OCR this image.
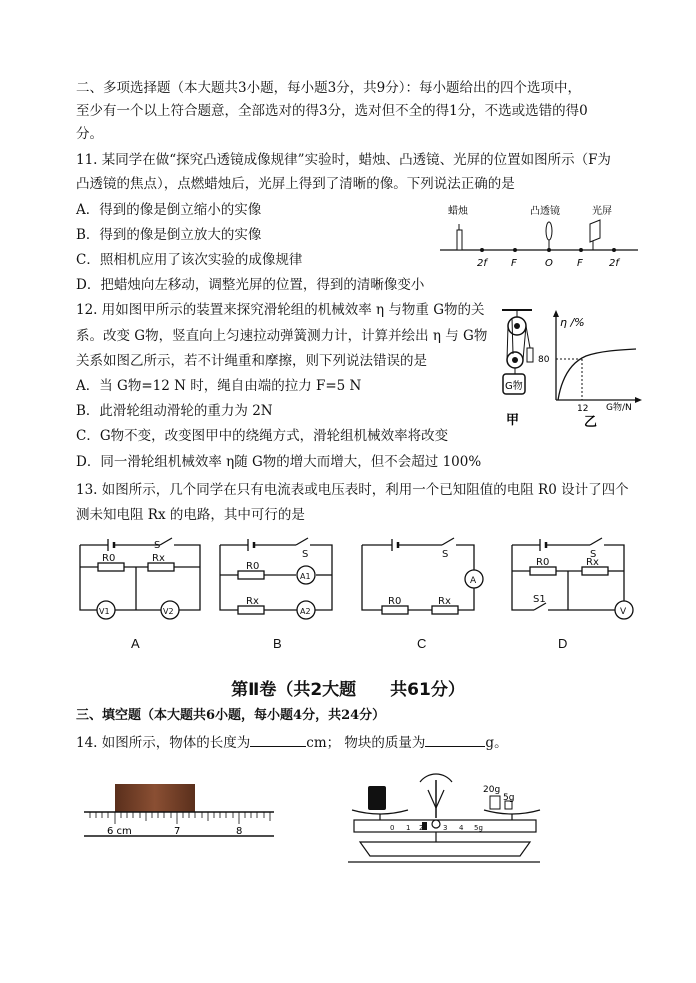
二、多项选择题（本大题共3小题，每小题3分，共9分）：每小题给出的四个选项中，
至少有一个以上符合题意，全部选对的得3分，选对但不全的得1分，不选或选错的得0
分。
11. 某同学在做“探究凸透镜成像规律”实验时，蜡烛、凸透镜、光屏的位置如图所示（F为
凸透镜的焦点），点燃蜡烛后，光屏上得到了清晰的像。下列说法正确的是
A．得到的像是倒立缩小的实像
B．得到的像是倒立放大的实像
C．照相机应用了该次实验的成像规律
D．把蜡烛向左移动，调整光屏的位置，得到的清晰像变小
蜡烛	凸透镜	光屏
2f F	O F	2f
12. 用如图甲所示的装置来探究滑轮组的机械效率 η 与物重 G物的关
系。改变 G物，竖直向上匀速拉动弹簧测力计，计算并绘出 η 与 G物
关系如图乙所示，若不计绳重和摩擦，则下列说法错误的是
A．当 G物=12 N 时，绳自由端的拉力 F=5 N
B．此滑轮组动滑轮的重力为 2N
C．G物不变，改变图甲中的绕绳方式，滑轮组机械效率将改变
D．同一滑轮组机械效率 η随 G物的增大而增大，但不会超过 100%
G物
甲
η /%
80
12 G物/N
乙
13. 如图所示，几个同学在只有电流表或电压表时，利用一个已知阻值的电阻 R0 设计了四个
测未知电阻 Rx 的电路，其中可行的是
S
R0	Rx
V1	V2
S
R0
Rx
A1
A2
S
A
R0	Rx
S
R0	Rx
S1
V
A	B	C	D
第Ⅱ卷（共2大题　　共61分）
三、填空题（本大题共6小题，每小题4分，共24分）
14. 如图所示，物体的长度为	cm； 物块的质量为	g。
6 cm	7	8
20g
5g
0 1 2	3 4 5g
